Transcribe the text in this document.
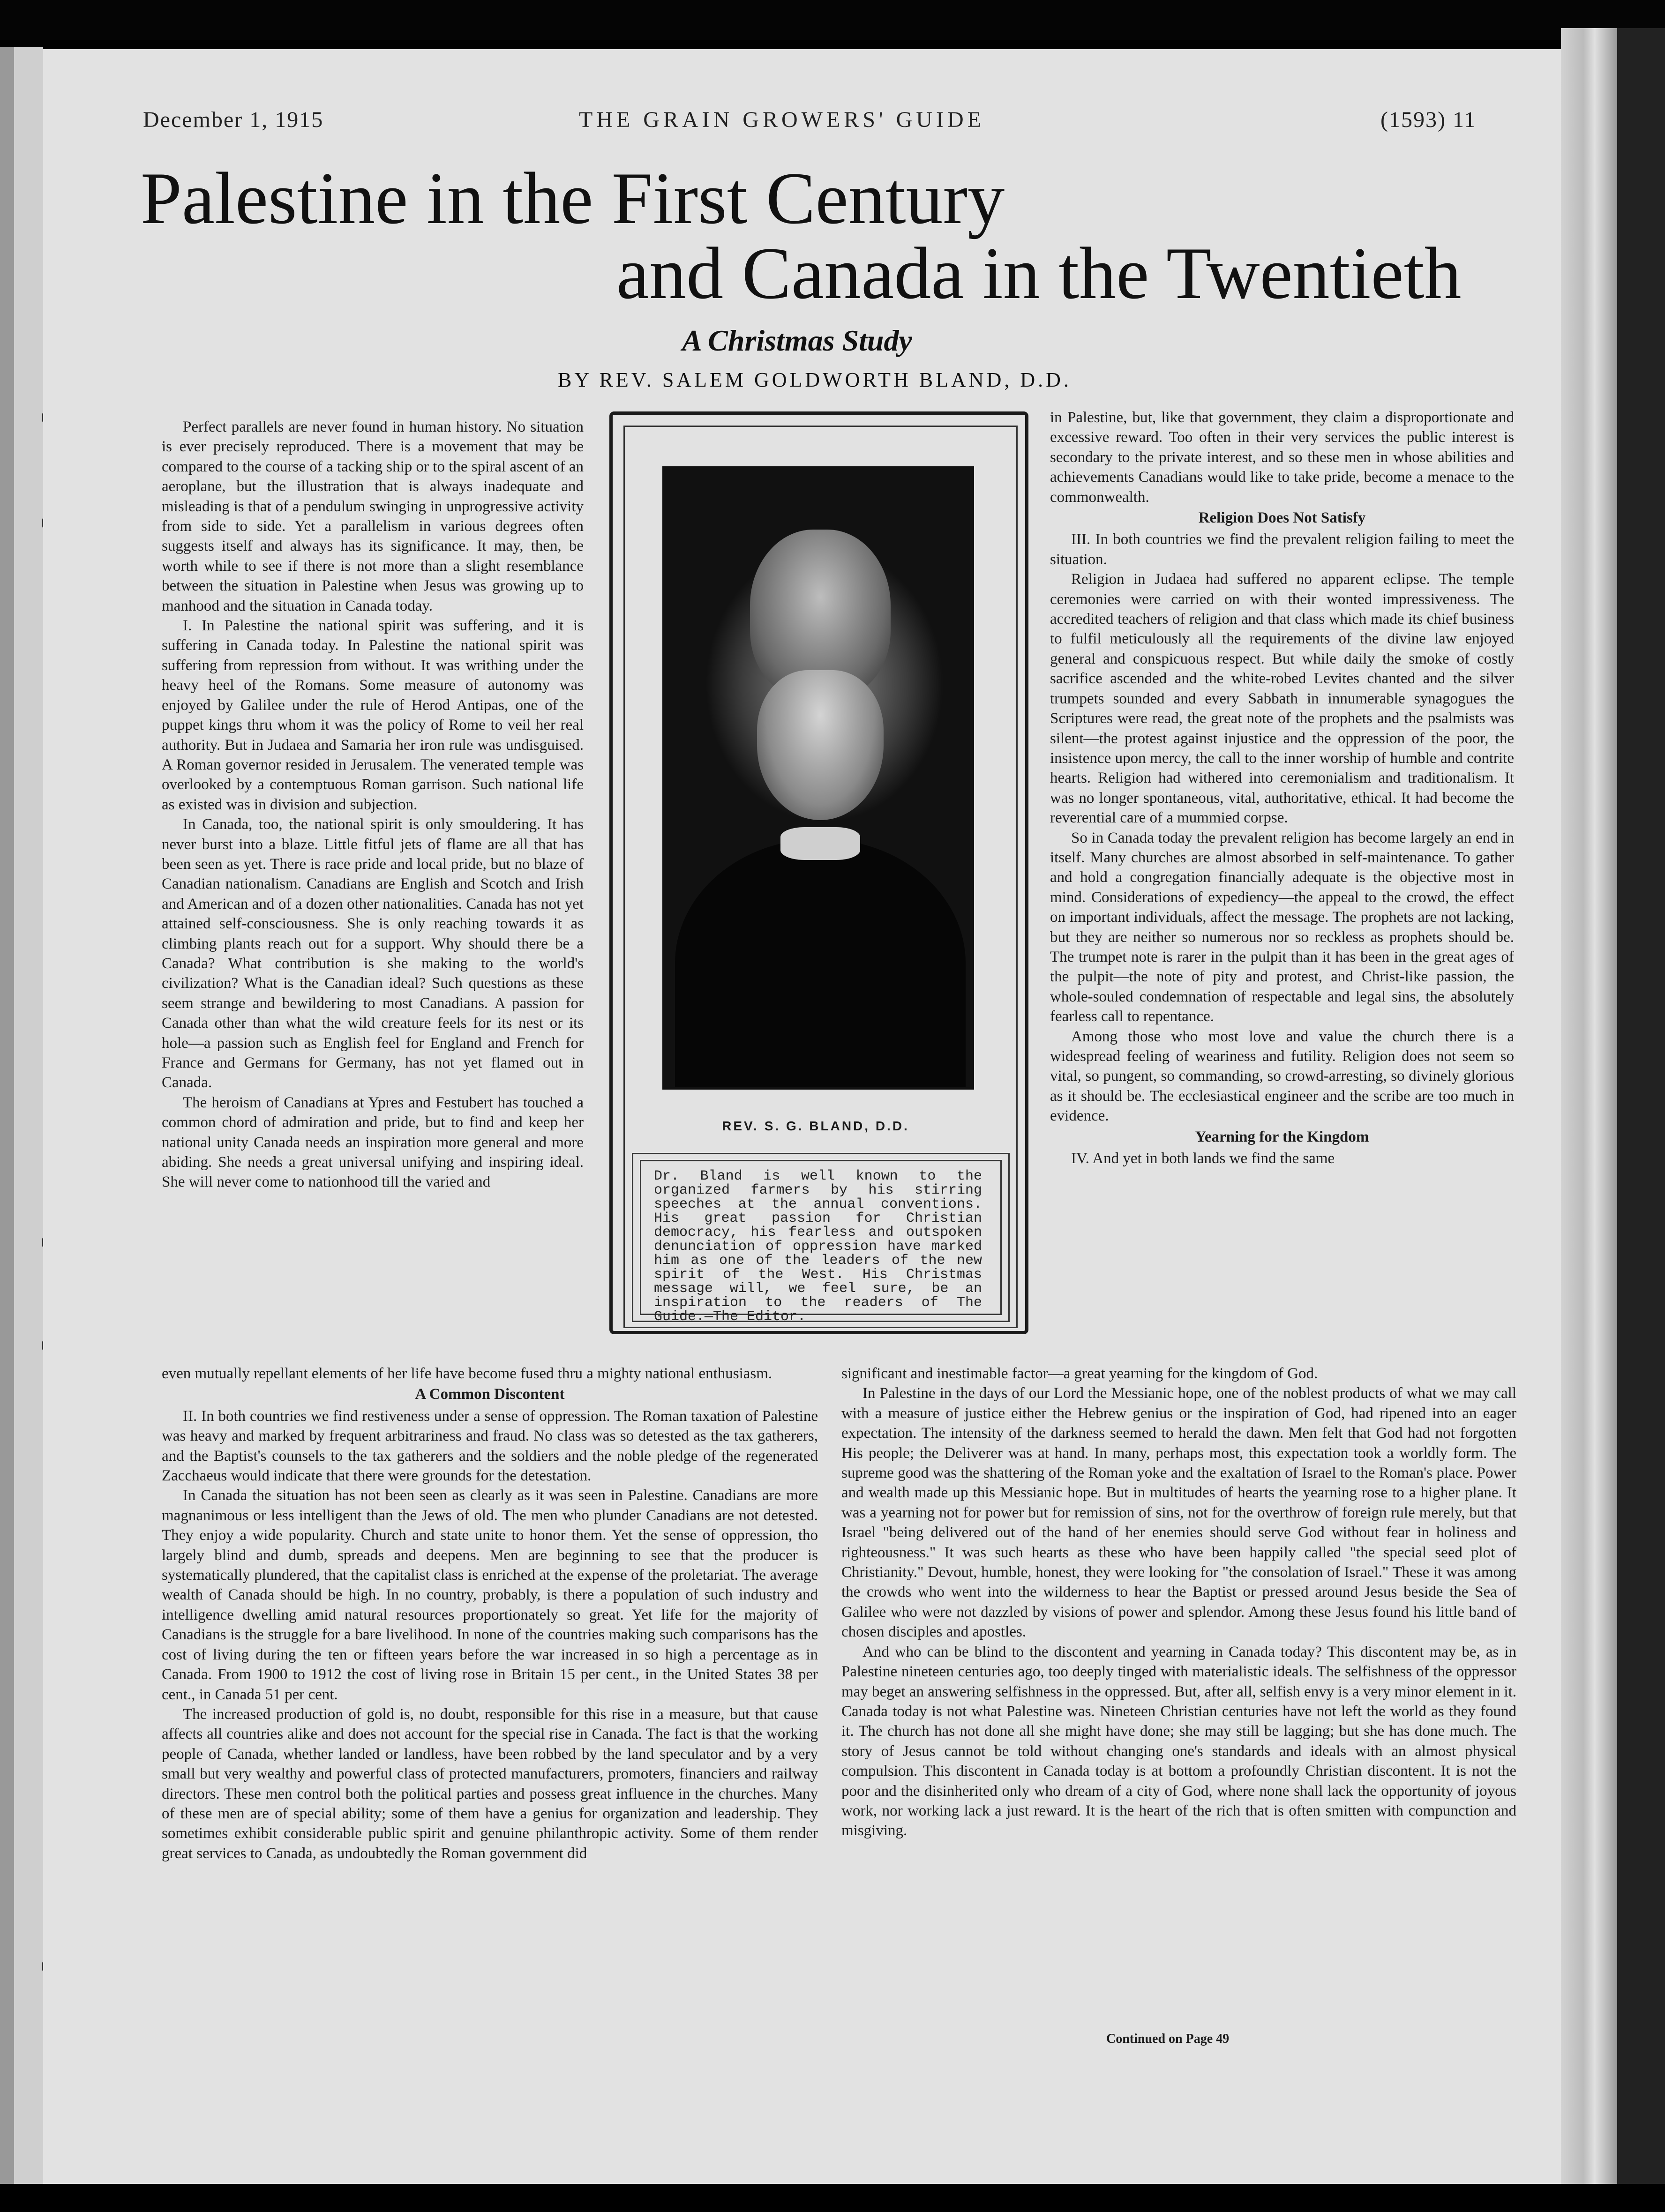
December 1, 1915	THE GRAIN GROWERS' GUIDE	(1593) 11
Palestine in the First Century
and Canada in the Twentieth
A Christmas Study
BY REV. SALEM GOLDWORTH BLAND, D.D.

Perfect parallels are never found in human history. No situation is ever precisely reproduced. There is a movement that may be compared to the course of a tacking ship or to the spiral ascent of an aeroplane, but the illustration that is always inadequate and misleading is that of a pendulum swinging in unprogressive activity from side to side. Yet a parallelism in various degrees often suggests itself and always has its significance. It may, then, be worth while to see if there is not more than a slight resemblance between the situation in Palestine when Jesus was growing up to manhood and the situation in Canada today.

I. In Palestine the national spirit was suffering, and it is suffering in Canada today. In Palestine the national spirit was suffering from repression from without. It was writhing under the heavy heel of the Romans. Some measure of autonomy was enjoyed by Galilee under the rule of Herod Antipas, one of the puppet kings thru whom it was the policy of Rome to veil her real authority. But in Judaea and Samaria her iron rule was undisguised. A Roman governor resided in Jerusalem. The venerated temple was overlooked by a contemptuous Roman garrison. Such national life as existed was in division and subjection.

In Canada, too, the national spirit is only smouldering. It has never burst into a blaze. Little fitful jets of flame are all that has been seen as yet. There is race pride and local pride, but no blaze of Canadian nationalism. Canadians are English and Scotch and Irish and American and of a dozen other nationalities. Canada has not yet attained self-consciousness. She is only reaching towards it as climbing plants reach out for a support. Why should there be a Canada? What contribution is she making to the world's civilization? What is the Canadian ideal? Such questions as these seem strange and bewildering to most Canadians. A passion for Canada other than what the wild creature feels for its nest or its hole—a passion such as English feel for England and French for France and Germans for Germany, has not yet flamed out in Canada.

The heroism of Canadians at Ypres and Festubert has touched a common chord of admiration and pride, but to find and keep her national unity Canada needs an inspiration more general and more abiding. She needs a great universal unifying and inspiring ideal. She will never come to nationhood till the varied and

REV. S. G. BLAND, D.D.
Dr. Bland is well known to the organized farmers by his stirring speeches at the annual conventions. His great passion for Christian democracy, his fearless and outspoken denunciation of oppression have marked him as one of the leaders of the new spirit of the West. His Christmas message will, we feel sure, be an inspiration to the readers of The Guide.—The Editor.

in Palestine, but, like that government, they claim a disproportionate and excessive reward. Too often in their very services the public interest is secondary to the private interest, and so these men in whose abilities and achievements Canadians would like to take pride, become a menace to the commonwealth.

Religion Does Not Satisfy

III. In both countries we find the prevalent religion failing to meet the situation.

Religion in Judaea had suffered no apparent eclipse. The temple ceremonies were carried on with their wonted impressiveness. The accredited teachers of religion and that class which made its chief business to fulfil meticulously all the requirements of the divine law enjoyed general and conspicuous respect. But while daily the smoke of costly sacrifice ascended and the white-robed Levites chanted and the silver trumpets sounded and every Sabbath in innumerable synagogues the Scriptures were read, the great note of the prophets and the psalmists was silent—the protest against injustice and the oppression of the poor, the insistence upon mercy, the call to the inner worship of humble and contrite hearts. Religion had withered into ceremonialism and traditionalism. It was no longer spontaneous, vital, authoritative, ethical. It had become the reverential care of a mummied corpse.

So in Canada today the prevalent religion has become largely an end in itself. Many churches are almost absorbed in self-maintenance. To gather and hold a congregation financially adequate is the objective most in mind. Considerations of expediency—the appeal to the crowd, the effect on important individuals, affect the message. The prophets are not lacking, but they are neither so numerous nor so reckless as prophets should be. The trumpet note is rarer in the pulpit than it has been in the great ages of the pulpit—the note of pity and protest, and Christ-like passion, the whole-souled condemnation of respectable and legal sins, the absolutely fearless call to repentance.

Among those who most love and value the church there is a widespread feeling of weariness and futility. Religion does not seem so vital, so pungent, so commanding, so crowd-arresting, so divinely glorious as it should be. The ecclesiastical engineer and the scribe are too much in evidence.

Yearning for the Kingdom

IV. And yet in both lands we find the same

even mutually repellant elements of her life have become fused thru a mighty national enthusiasm.

A Common Discontent

II. In both countries we find restiveness under a sense of oppression. The Roman taxation of Palestine was heavy and marked by frequent arbitrariness and fraud. No class was so detested as the tax gatherers, and the Baptist's counsels to the tax gatherers and the soldiers and the noble pledge of the regenerated Zacchaeus would indicate that there were grounds for the detestation.

In Canada the situation has not been seen as clearly as it was seen in Palestine. Canadians are more magnanimous or less intelligent than the Jews of old. The men who plunder Canadians are not detested. They enjoy a wide popularity. Church and state unite to honor them. Yet the sense of oppression, tho largely blind and dumb, spreads and deepens. Men are beginning to see that the producer is systematically plundered, that the capitalist class is enriched at the expense of the proletariat. The average wealth of Canada should be high. In no country, probably, is there a population of such industry and intelligence dwelling amid natural resources proportionately so great. Yet life for the majority of Canadians is the struggle for a bare livelihood. In none of the countries making such comparisons has the cost of living during the ten or fifteen years before the war increased in so high a percentage as in Canada. From 1900 to 1912 the cost of living rose in Britain 15 per cent., in the United States 38 per cent., in Canada 51 per cent.

The increased production of gold is, no doubt, responsible for this rise in a measure, but that cause affects all countries alike and does not account for the special rise in Canada. The fact is that the working people of Canada, whether landed or landless, have been robbed by the land speculator and by a very small but very wealthy and powerful class of protected manufacturers, promoters, financiers and railway directors. These men control both the political parties and possess great influence in the churches. Many of these men are of special ability; some of them have a genius for organization and leadership. They sometimes exhibit considerable public spirit and genuine philanthropic activity. Some of them render great services to Canada, as undoubtedly the Roman government did

significant and inestimable factor—a great yearning for the kingdom of God.

In Palestine in the days of our Lord the Messianic hope, one of the noblest products of what we may call with a measure of justice either the Hebrew genius or the inspiration of God, had ripened into an eager expectation. The intensity of the darkness seemed to herald the dawn. Men felt that God had not forgotten His people; the Deliverer was at hand. In many, perhaps most, this expectation took a worldly form. The supreme good was the shattering of the Roman yoke and the exaltation of Israel to the Roman's place. Power and wealth made up this Messianic hope. But in multitudes of hearts the yearning rose to a higher plane. It was a yearning not for power but for remission of sins, not for the overthrow of foreign rule merely, but that Israel "being delivered out of the hand of her enemies should serve God without fear in holiness and righteousness." It was such hearts as these who have been happily called "the special seed plot of Christianity." Devout, humble, honest, they were looking for "the consolation of Israel." These it was among the crowds who went into the wilderness to hear the Baptist or pressed around Jesus beside the Sea of Galilee who were not dazzled by visions of power and splendor. Among these Jesus found his little band of chosen disciples and apostles.

And who can be blind to the discontent and yearning in Canada today? This discontent may be, as in Palestine nineteen centuries ago, too deeply tinged with materialistic ideals. The selfishness of the oppressor may beget an answering selfishness in the oppressed. But, after all, selfish envy is a very minor element in it. Canada today is not what Palestine was. Nineteen Christian centuries have not left the world as they found it. The church has not done all she might have done; she may still be lagging; but she has done much. The story of Jesus cannot be told without changing one's standards and ideals with an almost physical compulsion. This discontent in Canada today is at bottom a profoundly Christian discontent. It is not the poor and the disinherited only who dream of a city of God, where none shall lack the opportunity of joyous work, nor working lack a just reward. It is the heart of the rich that is often smitten with compunction and misgiving.

Continued on Page 49
